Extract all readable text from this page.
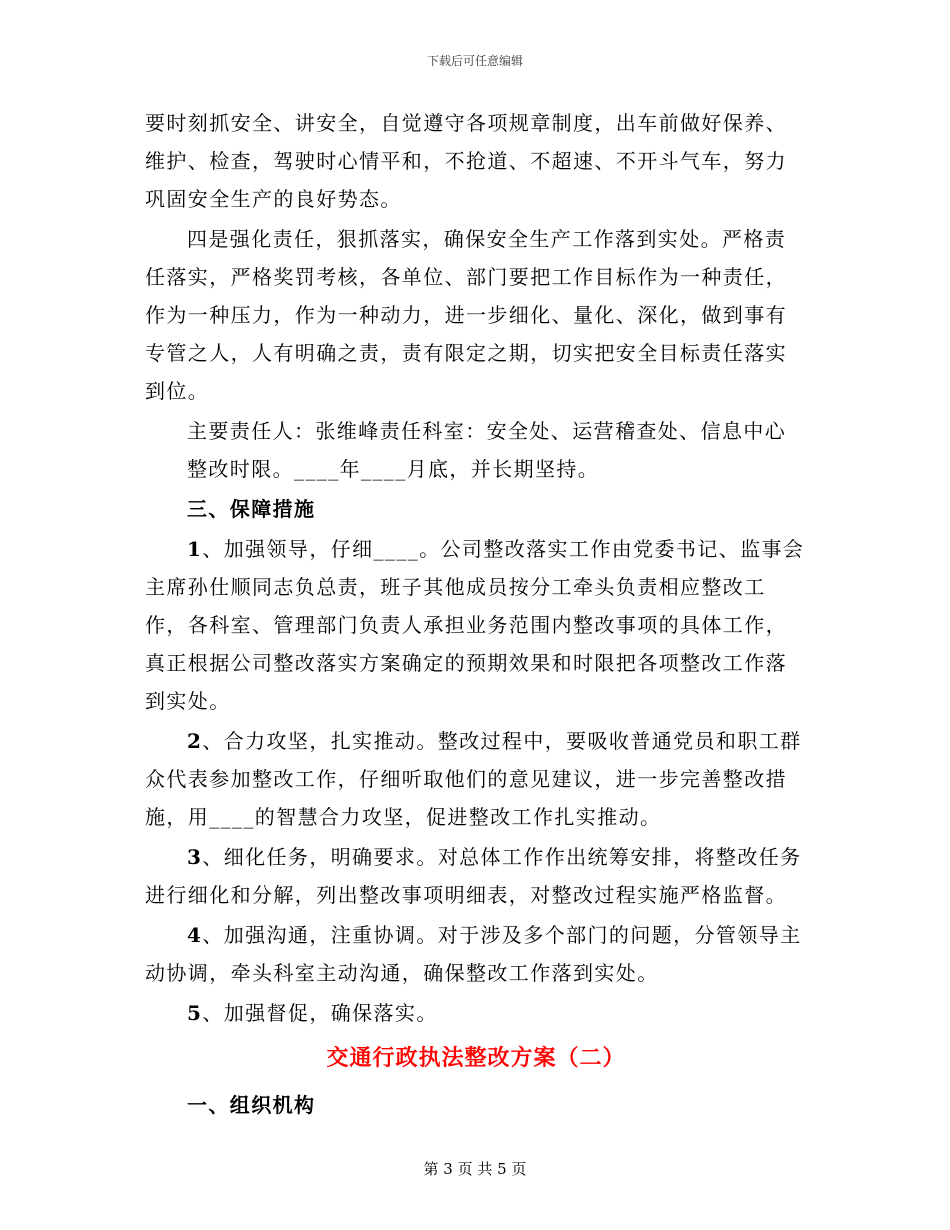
下载后可任意编辑

要时刻抓安全、讲安全，自觉遵守各项规章制度，出车前做好保养、维护、检查，驾驶时心情平和，不抢道、不超速、不开斗气车，努力巩固安全生产的良好势态。

四是强化责任，狠抓落实，确保安全生产工作落到实处。严格责任落实，严格奖罚考核，各单位、部门要把工作目标作为一种责任，作为一种压力，作为一种动力，进一步细化、量化、深化，做到事有专管之人，人有明确之责，责有限定之期，切实把安全目标责任落实到位。

主要责任人：张维峰责任科室：安全处、运营稽查处、信息中心

整改时限。____年____月底，并长期坚持。

三、保障措施

1、加强领导，仔细____。公司整改落实工作由党委书记、监事会主席孙仕顺同志负总责，班子其他成员按分工牵头负责相应整改工作，各科室、管理部门负责人承担业务范围内整改事项的具体工作，真正根据公司整改落实方案确定的预期效果和时限把各项整改工作落到实处。

2、合力攻坚，扎实推动。整改过程中，要吸收普通党员和职工群众代表参加整改工作，仔细听取他们的意见建议，进一步完善整改措施，用____的智慧合力攻坚，促进整改工作扎实推动。

3、细化任务，明确要求。对总体工作作出统筹安排，将整改任务进行细化和分解，列出整改事项明细表，对整改过程实施严格监督。

4、加强沟通，注重协调。对于涉及多个部门的问题，分管领导主动协调，牵头科室主动沟通，确保整改工作落到实处。

5、加强督促，确保落实。

交通行政执法整改方案（二）

一、组织机构

第 3 页 共 5 页
